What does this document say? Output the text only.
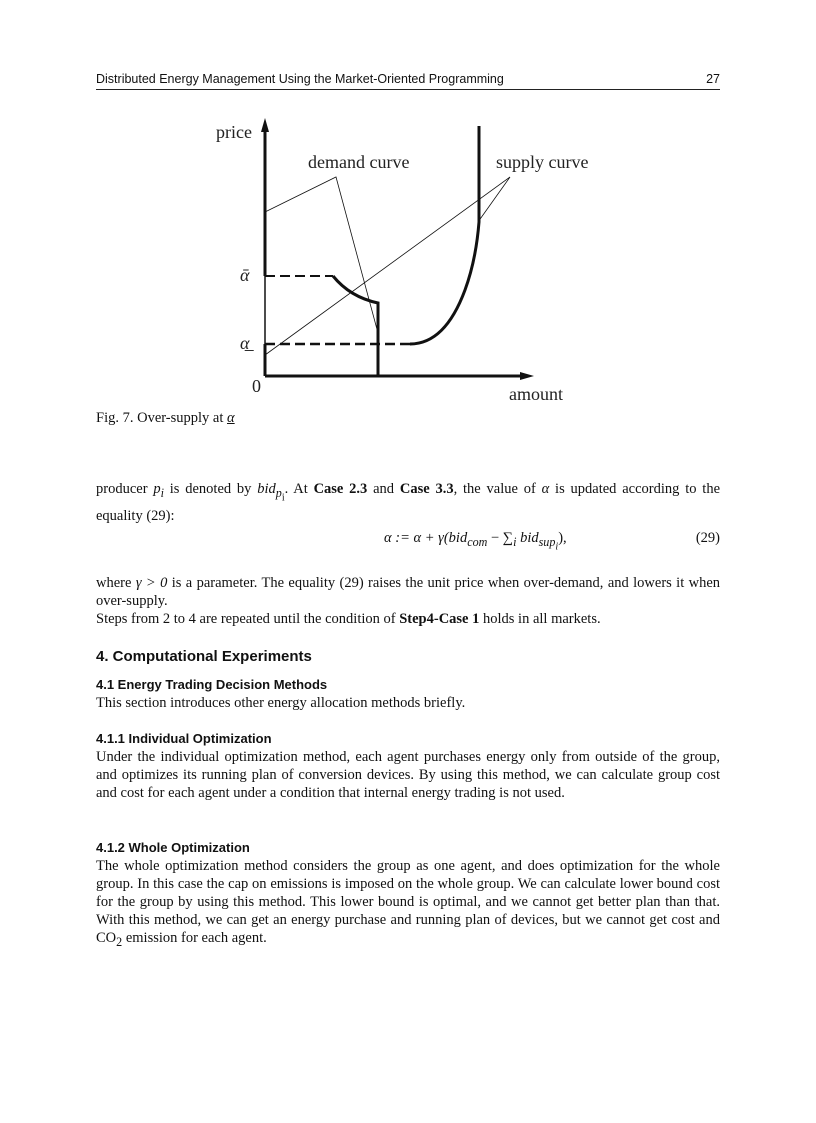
Distributed Energy Management Using the Market-Oriented Programming	27
price
amount
0
ᾱ
α̲
demand curve	supply curve
Fig. 7. Over-supply at α

producer $p_i$ is denoted by bid$_{p_i}$. At Case 2.3 and Case 3.3, the value of α is updated according to the equality (29):

α := $\alpha + \gamma(bid_{com} - \sum_i$ bid$_{sup_i}$),	(29)

where γ > 0 is a parameter. The equality (29) raises the unit price when over-demand, and lowers it when over-supply.

Steps from 2 to 4 are repeated until the condition of Step4-Case 1 holds in all markets.

4. Computational Experiments
4.1 Energy Trading Decision Methods
This section introduces other energy allocation methods briefly.
4.1.1 Individual Optimization
Under the individual optimization method, each agent purchases energy only from outside of the group, and optimizes its running plan of conversion devices. By using this method, we can calculate group cost and cost for each agent under a condition that internal energy trading is not used.
4.1.2 Whole Optimization
The whole optimization method considers the group as one agent, and does optimization for the whole group. In this case the cap on emissions is imposed on the whole group. We can calculate lower bound cost for the group by using this method. This lower bound is optimal, and we cannot get better plan than that. With this method, we can get an energy purchase and running plan of devices, but we cannot get cost and $CO_2$ emission for each agent.
